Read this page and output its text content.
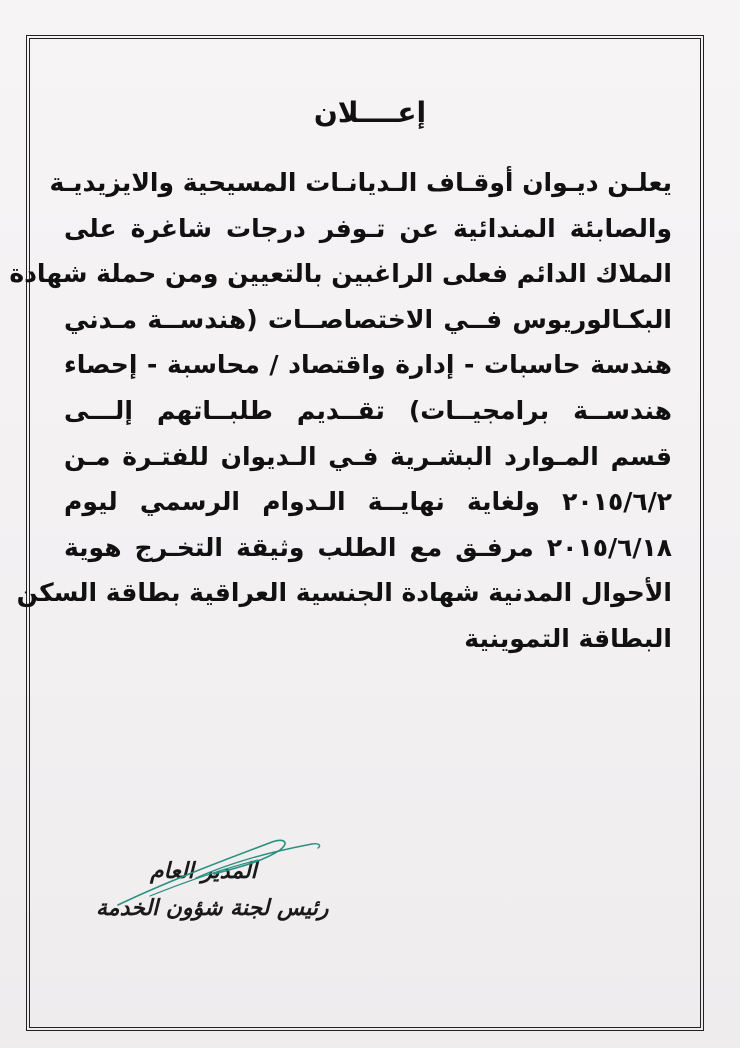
إعــــلان
يعلـن ديـوان أوقـاف الـديانـات المسيحية والايزيديـة
والصابئة المندائية عن تـوفر درجات شاغرة على
الملاك الدائم فعلى الراغبين بالتعيين ومن حملة شهادة
البكـالوريوس فــي الاختصاصــات (هندســة مـدني
هندسة حاسبات - إدارة واقتصاد / محاسبة - إحصاء
هندســة برامجيــات) تقــديم طلبــاتهم إلـــى
قسم المـوارد البشـرية فـي الـديوان للفتـرة مـن
٢٠١٥/٦/٢ ولغاية نهايــة الـدوام الرسمي ليوم
٢٠١٥/٦/١٨ مرفـق مع الطلب وثيقة التخـرج هوية
الأحوال المدنية شهادة الجنسية العراقية بطاقة السكن
البطاقة التموينية
المدير العام
رئيس لجنة شؤون الخدمة
